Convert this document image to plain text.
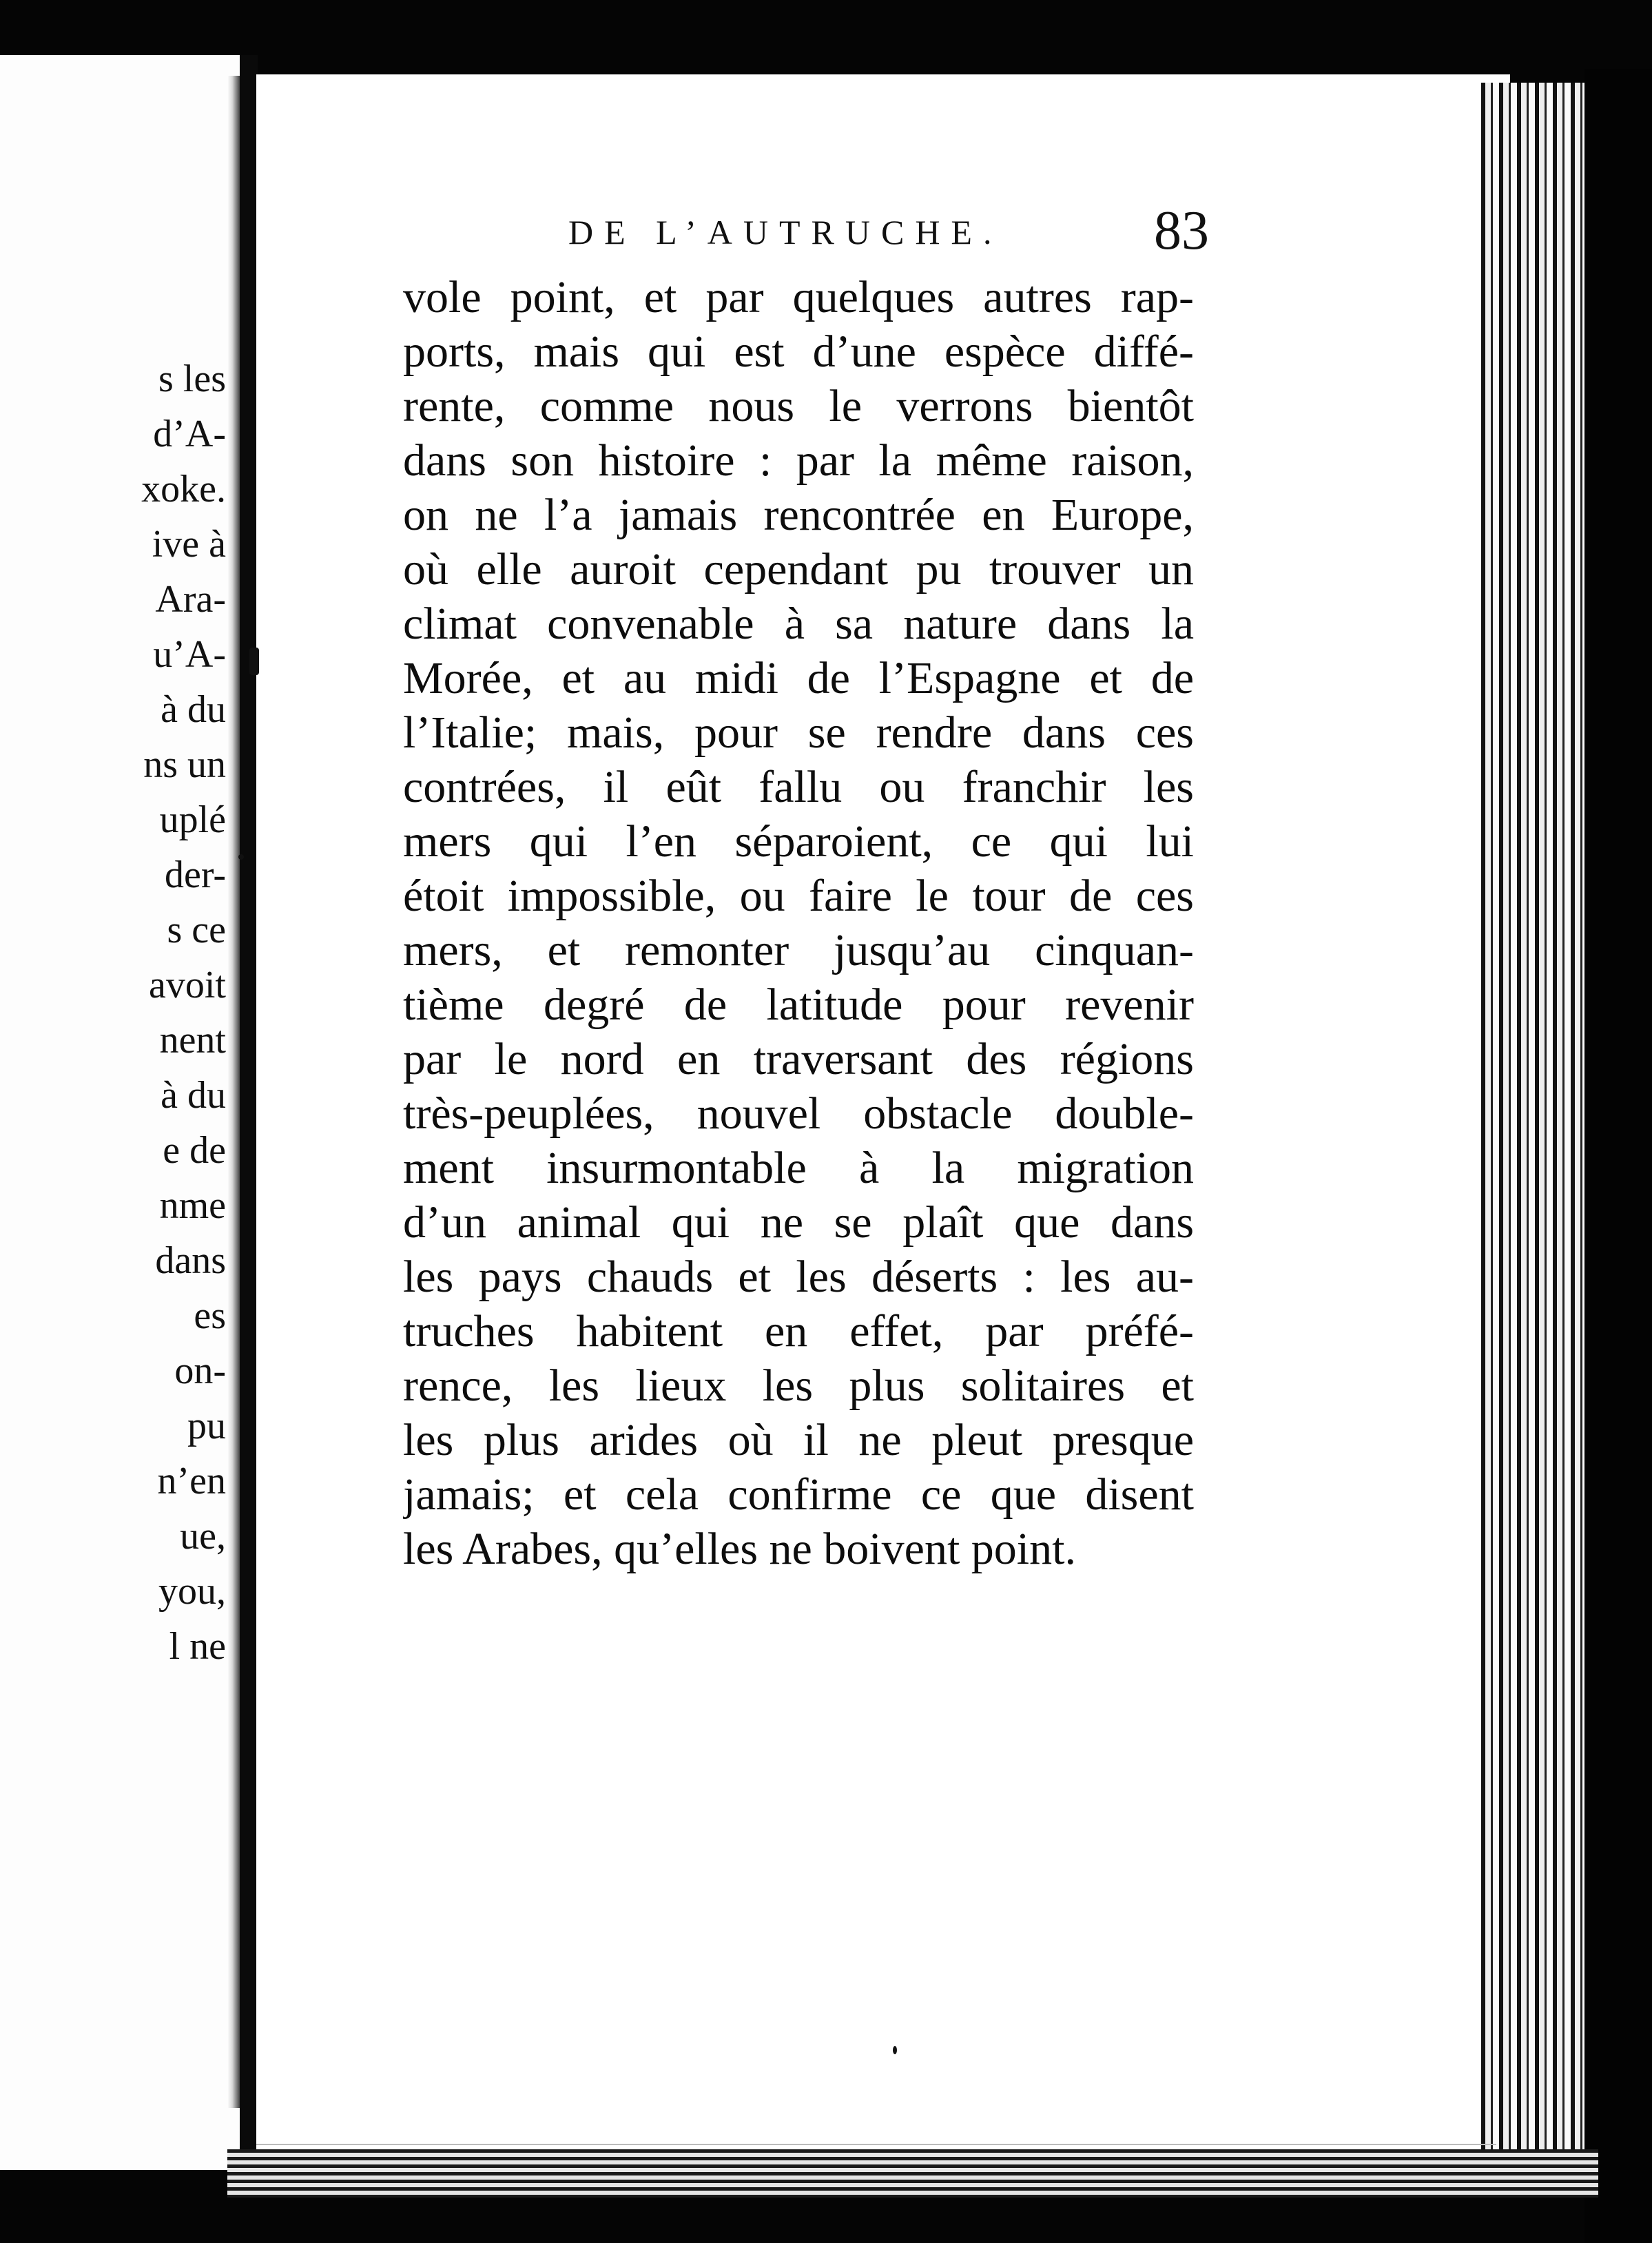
s les

d’A-

xoke.

ive à

Ara-

u’A-

à du

ns un

uplé

der-

s ce

avoit

nent

à du

e de

nme

dans

es

on-

pu

n’en

ue,

you,

l ne

DE L’AUTRUCHE.	83

vole point, et par quelques autres rap-

ports, mais qui est d’une espèce diffé-

rente, comme nous le verrons bientôt

dans son histoire : par la même raison,

on ne l’a jamais rencontrée en Europe,

où elle auroit cependant pu trouver un

climat convenable à sa nature dans la

Morée, et au midi de l’Espagne et de

l’Italie; mais, pour se rendre dans ces

contrées, il eût fallu ou franchir les

mers qui l’en séparoient, ce qui lui

étoit impossible, ou faire le tour de ces

mers, et remonter jusqu’au cinquan-

tième degré de latitude pour revenir

par le nord en traversant des régions

très-peuplées, nouvel obstacle double-

ment insurmontable à la migration

d’un animal qui ne se plaît que dans

les pays chauds et les déserts : les au-

truches habitent en effet, par préfé-

rence, les lieux les plus solitaires et

les plus arides où il ne pleut presque

jamais; et cela confirme ce que disent

les Arabes, qu’elles ne boivent point.
